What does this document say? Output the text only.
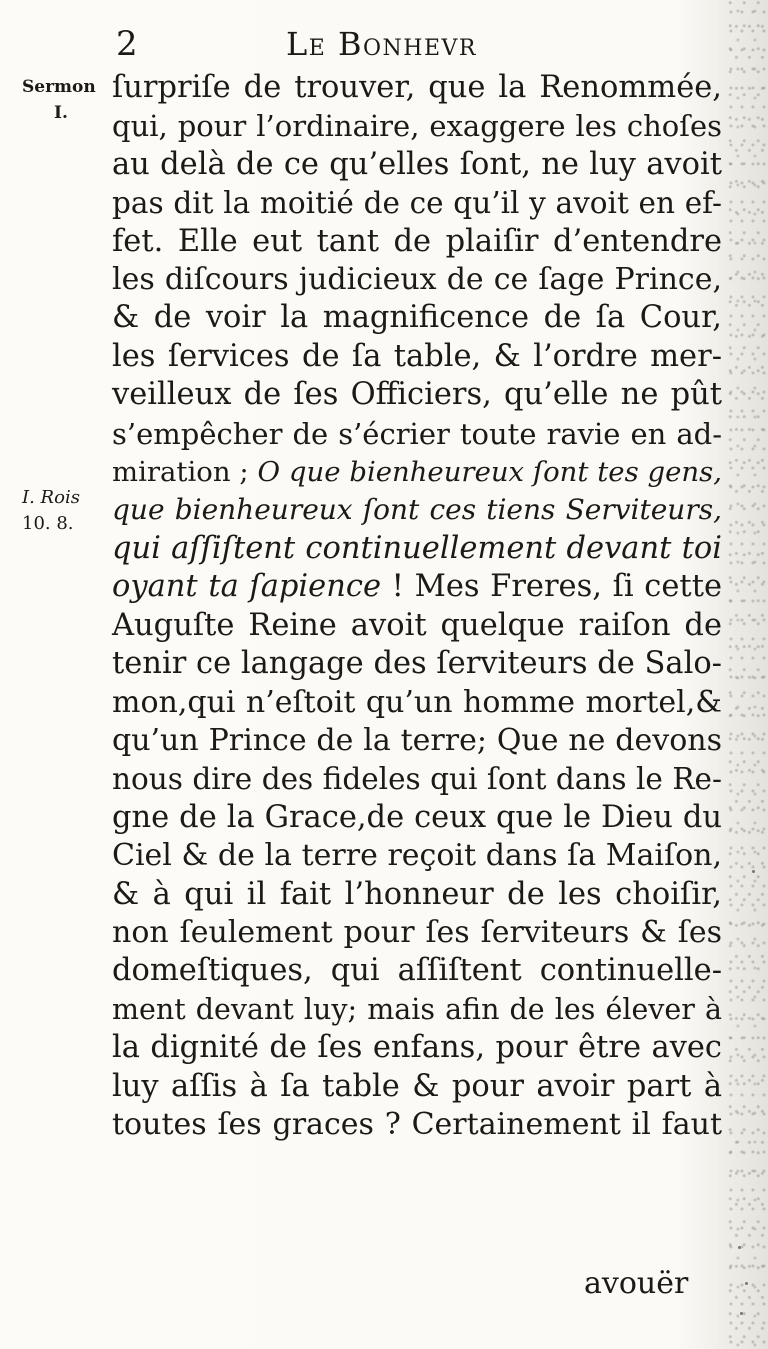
2	Le Bonhevr
Sermon
I.
I. Rois
10. 8.
ſurpriſe de trouver, que la Renommée,
qui, pour l’ordinaire, exaggere les choſes
au delà de ce qu’elles ſont, ne luy avoit
pas dit la moitié de ce qu’il y avoit en ef-
fet. Elle eut tant de plaiſir d’entendre
les diſcours judicieux de ce ſage Prince,
& de voir la magnificence de ſa Cour,
les ſervices de ſa table, & l’ordre mer-
veilleux de ſes Officiers, qu’elle ne pût
s’empêcher de s’écrier toute ravie en ad-
miration ; O que bienheureux ſont tes gens,
que bienheureux ſont ces tiens Serviteurs,
qui aſſiſtent continuellement devant toi
oyant ta ſapience ! Mes Freres, ſi cette
Auguſte Reine avoit quelque raiſon de
tenir ce langage des ſerviteurs de Salo-
mon,qui n’eſtoit qu’un homme mortel,&
qu’un Prince de la terre; Que ne devons
nous dire des fideles qui ſont dans le Re-
gne de la Grace,de ceux que le Dieu du
Ciel & de la terre reçoit dans ſa Maiſon,
& à qui il fait l’honneur de les choiſir,
non ſeulement pour ſes ſerviteurs & ſes
domeſtiques, qui aſſiſtent continuelle-
ment devant luy; mais afin de les élever à
la dignité de ſes enfans, pour être avec
luy aſſis à ſa table & pour avoir part à
toutes ſes graces ? Certainement il faut
avouër
